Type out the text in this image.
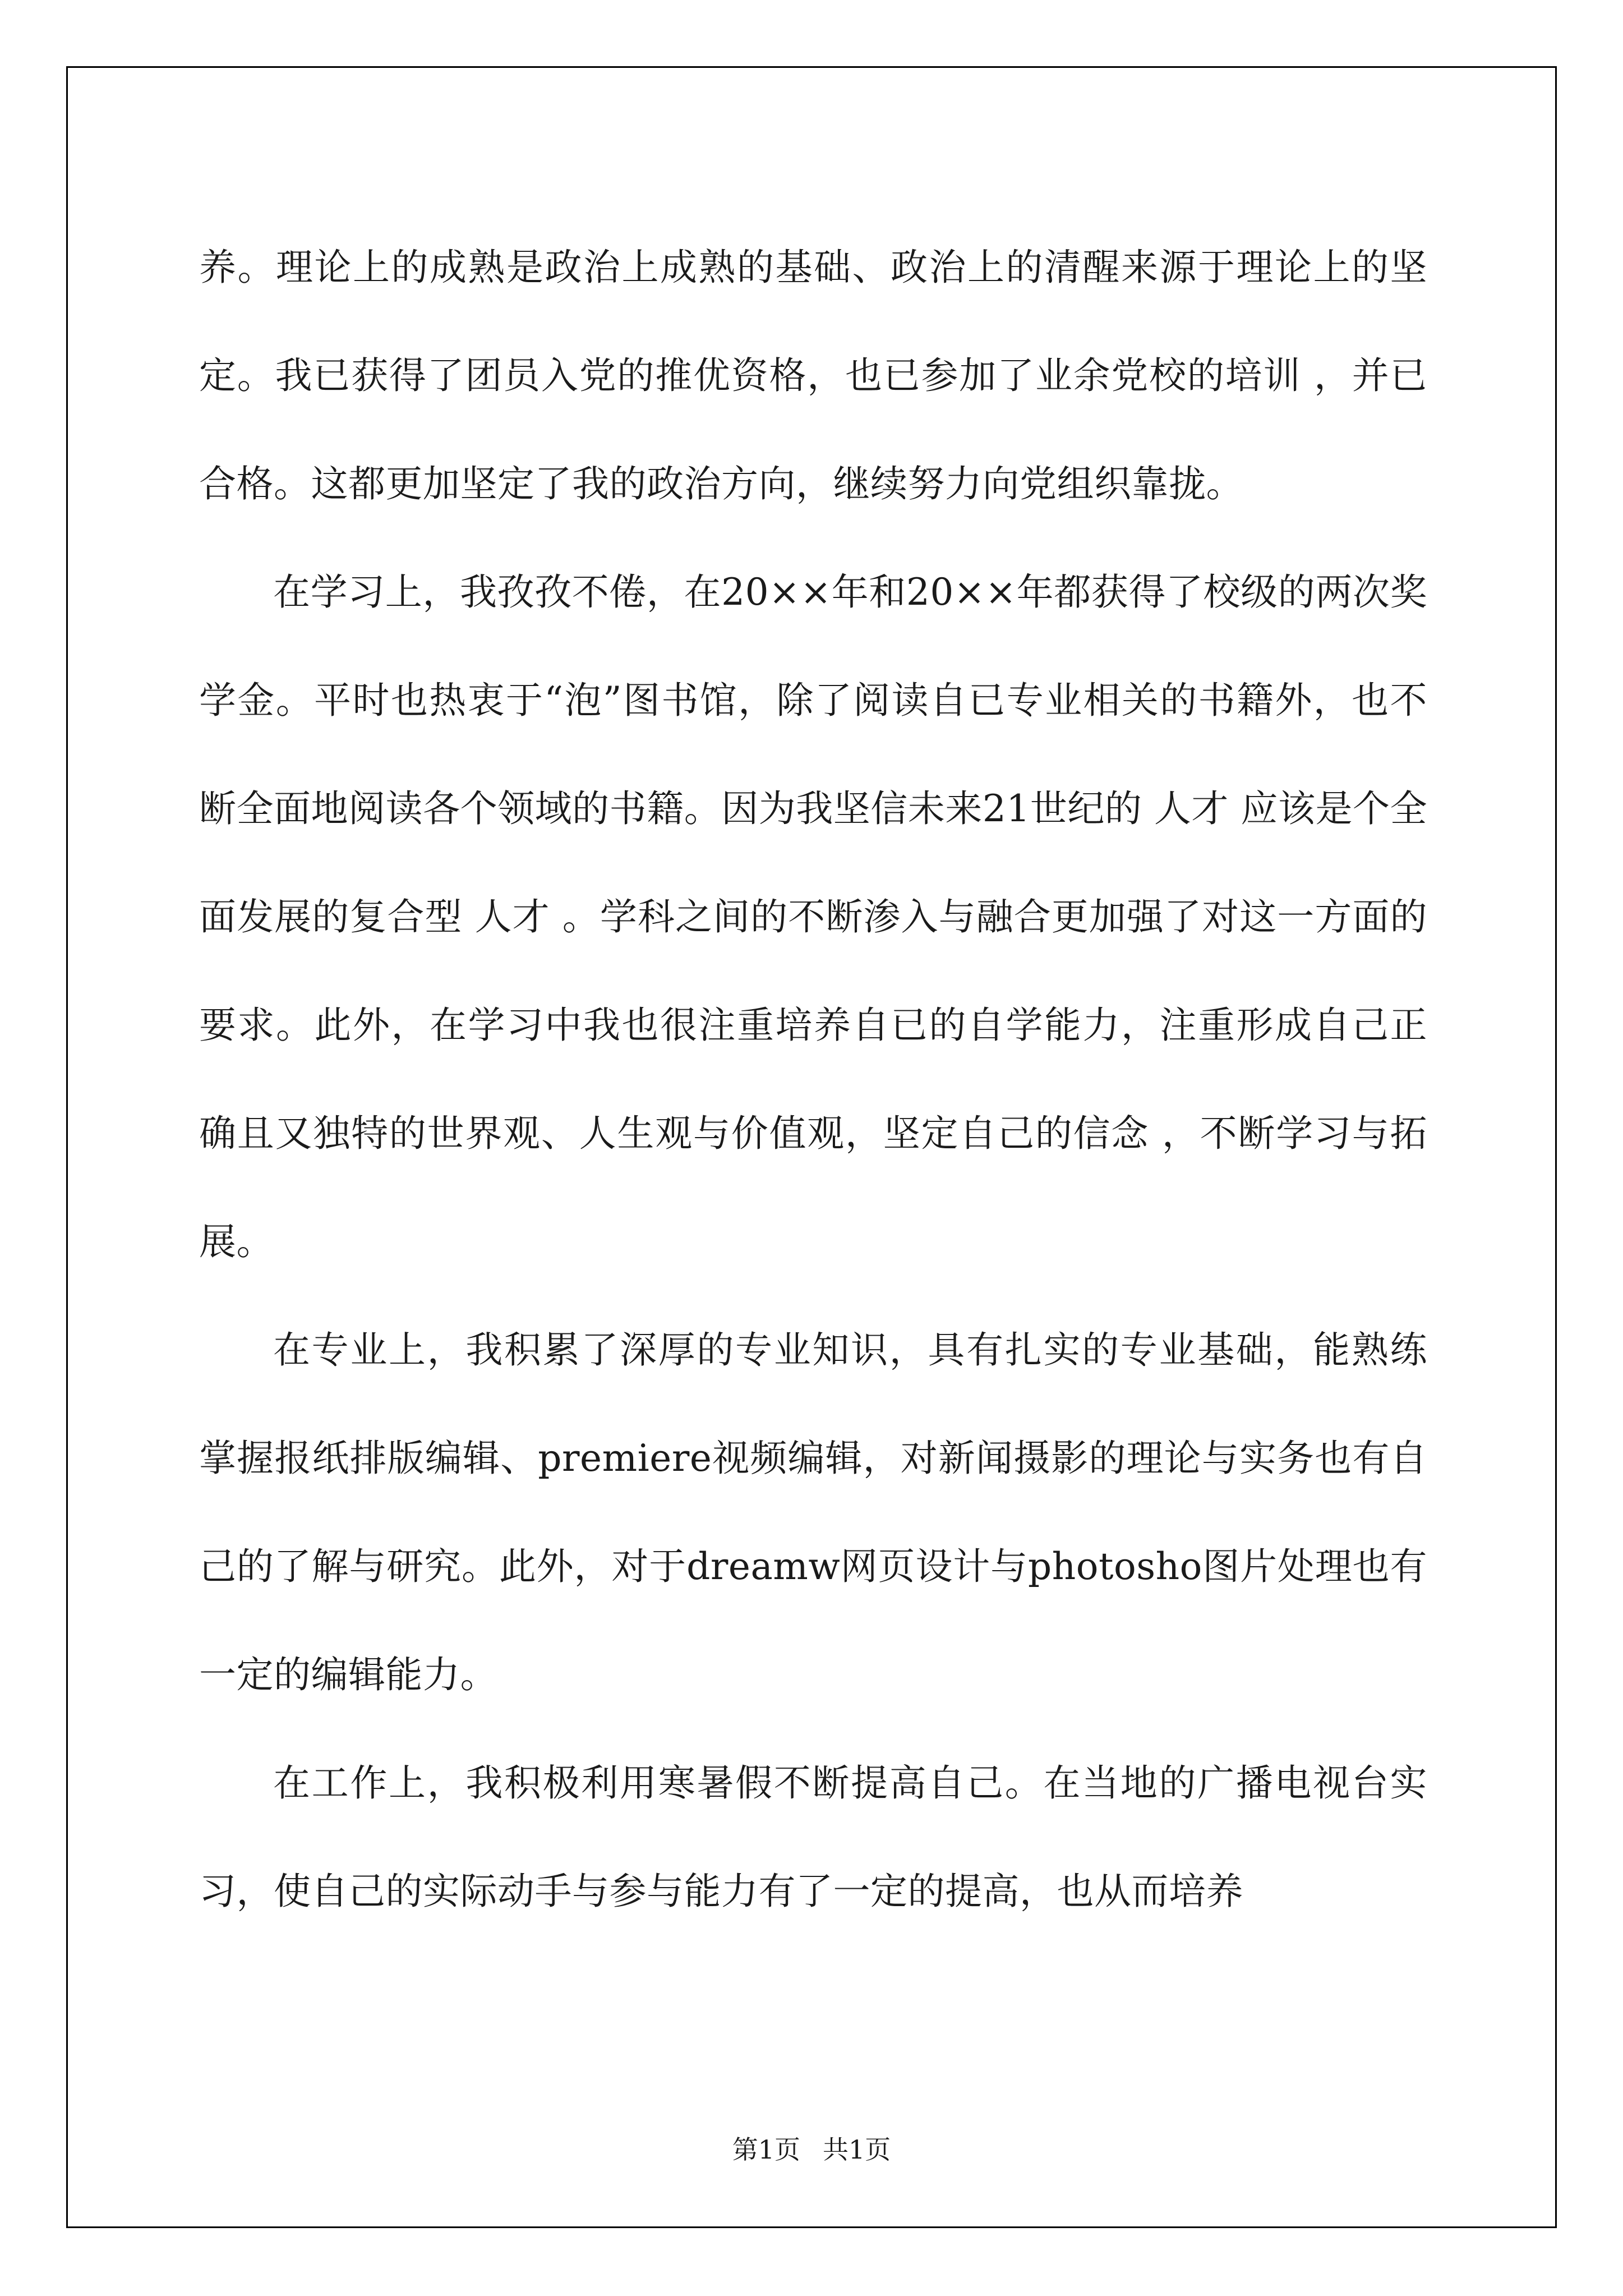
养。理论上的成熟是政治上成熟的基础、政治上的清醒来源于理论上的坚定。我已获得了团员入党的推优资格，也已参加了业余党校的培训 ，并已合格。这都更加坚定了我的政治方向，继续努力向党组织靠拢。

在学习上，我孜孜不倦，在20××年和20××年都获得了校级的两次奖学金。平时也热衷于“泡”图书馆，除了阅读自已专业相关的书籍外，也不断全面地阅读各个领域的书籍。因为我坚信未来21世纪的 人才 应该是个全面发展的复合型 人才 。学科之间的不断渗入与融合更加强了对这一方面的要求。此外，在学习中我也很注重培养自已的自学能力，注重形成自己正确且又独特的世界观、人生观与价值观，坚定自己的信念 ，不断学习与拓展。

在专业上，我积累了深厚的专业知识，具有扎实的专业基础，能熟练掌握报纸排版编辑、premiere视频编辑，对新闻摄影的理论与实务也有自己的了解与研究。此外，对于dreamw网页设计与photosho图片处理也有一定的编辑能力。

在工作上，我积极利用寒暑假不断提高自己。在当地的广播电视台实习，使自己的实际动手与参与能力有了一定的提高，也从而培养

第1页 共1页
